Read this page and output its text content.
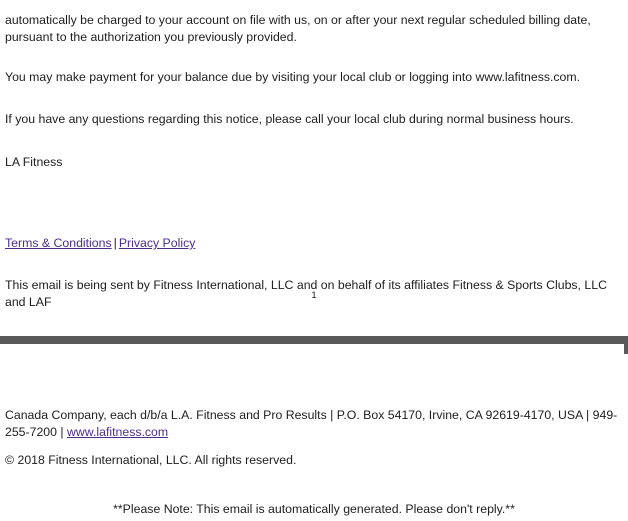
automatically be charged to your account on file with us, on or after your next regular scheduled billing date, pursuant to the authorization you previously provided.

You may make payment for your balance due by visiting your local club or logging into www.lafitness.com.

If you have any questions regarding this notice, please call your local club during normal business hours.

LA Fitness

Terms & Conditions | Privacy Policy

This email is being sent by Fitness International, LLC and on behalf of its affiliates Fitness & Sports Clubs, LLC and LAF	1

Canada Company, each d/b/a L.A. Fitness and Pro Results | P.O. Box 54170, Irvine, CA 92619-4170, USA | 949-255-7200 | www.lafitness.com

© 2018 Fitness International, LLC. All rights reserved.

**Please Note: This email is automatically generated. Please don't reply.**
